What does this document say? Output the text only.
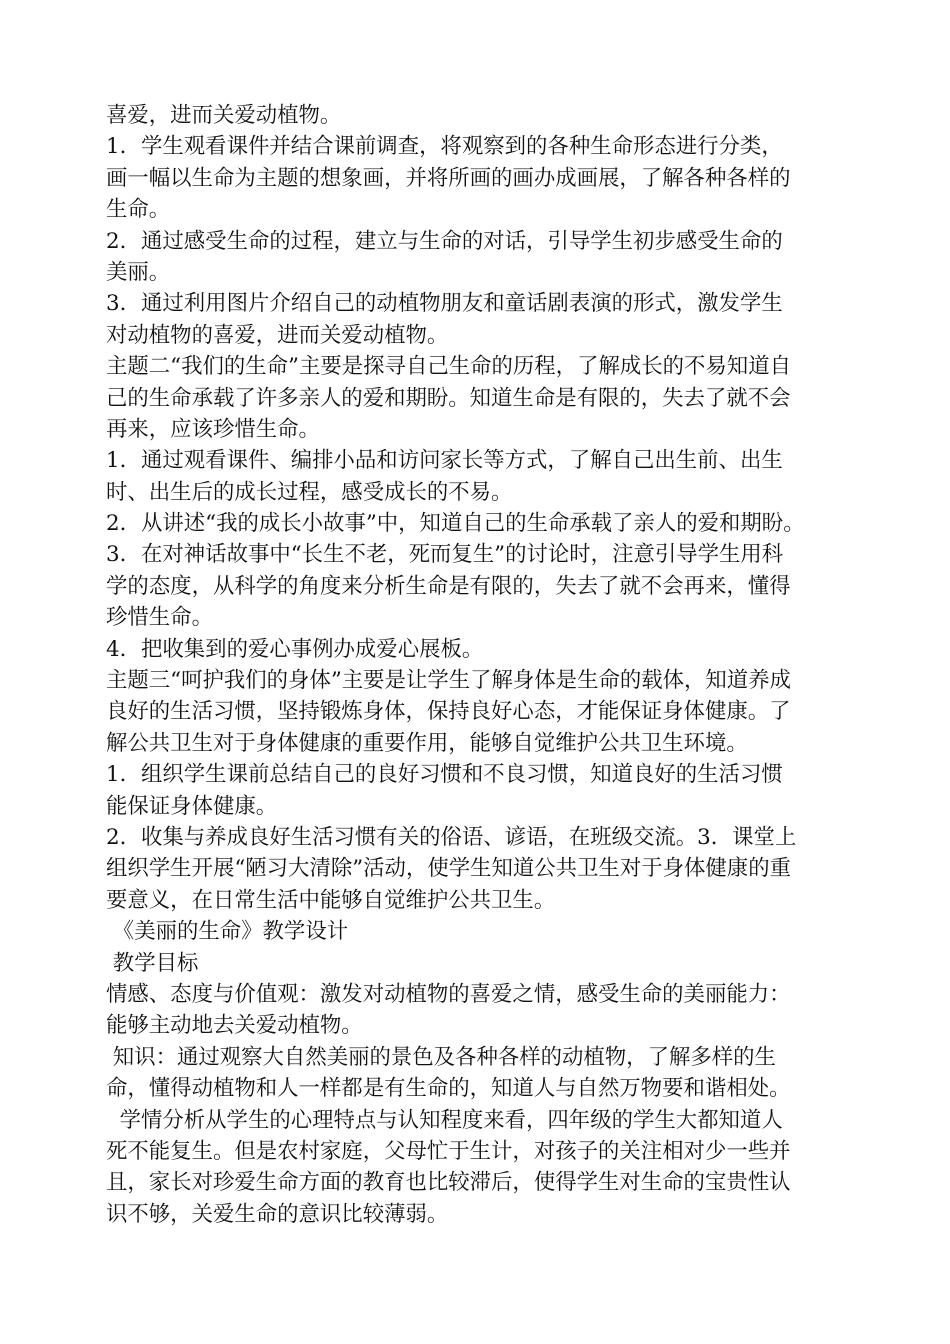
喜爱，进而关爱动植物。
1．学生观看课件并结合课前调查，将观察到的各种生命形态进行分类，
画一幅以生命为主题的想象画，并将所画的画办成画展，了解各种各样的
生命。
2．通过感受生命的过程，建立与生命的对话，引导学生初步感受生命的
美丽。
3．通过利用图片介绍自己的动植物朋友和童话剧表演的形式，激发学生
对动植物的喜爱，进而关爱动植物。
主题二“我们的生命”主要是探寻自己生命的历程，了解成长的不易知道自
己的生命承载了许多亲人的爱和期盼。知道生命是有限的，失去了就不会
再来，应该珍惜生命。
1．通过观看课件、编排小品和访问家长等方式，了解自己出生前、出生
时、出生后的成长过程，感受成长的不易。
2．从讲述“我的成长小故事”中，知道自己的生命承载了亲人的爱和期盼。
3．在对神话故事中“长生不老，死而复生”的讨论时，注意引导学生用科
学的态度，从科学的角度来分析生命是有限的，失去了就不会再来，懂得
珍惜生命。
4．把收集到的爱心事例办成爱心展板。
主题三“呵护我们的身体”主要是让学生了解身体是生命的载体，知道养成
良好的生活习惯，坚持锻炼身体，保持良好心态，才能保证身体健康。了
解公共卫生对于身体健康的重要作用，能够自觉维护公共卫生环境。
1．组织学生课前总结自己的良好习惯和不良习惯，知道良好的生活习惯
能保证身体健康。
2．收集与养成良好生活习惯有关的俗语、谚语，在班级交流。3．课堂上
组织学生开展“陋习大清除”活动，使学生知道公共卫生对于身体健康的重
要意义，在日常生活中能够自觉维护公共卫生。
《美丽的生命》教学设计
教学目标
情感、态度与价值观：激发对动植物的喜爱之情，感受生命的美丽能力：
能够主动地去关爱动植物。
知识：通过观察大自然美丽的景色及各种各样的动植物，了解多样的生
命，懂得动植物和人一样都是有生命的，知道人与自然万物要和谐相处。
学情分析从学生的心理特点与认知程度来看，四年级的学生大都知道人
死不能复生。但是农村家庭，父母忙于生计，对孩子的关注相对少一些并
且，家长对珍爱生命方面的教育也比较滞后，使得学生对生命的宝贵性认
识不够，关爱生命的意识比较薄弱。
